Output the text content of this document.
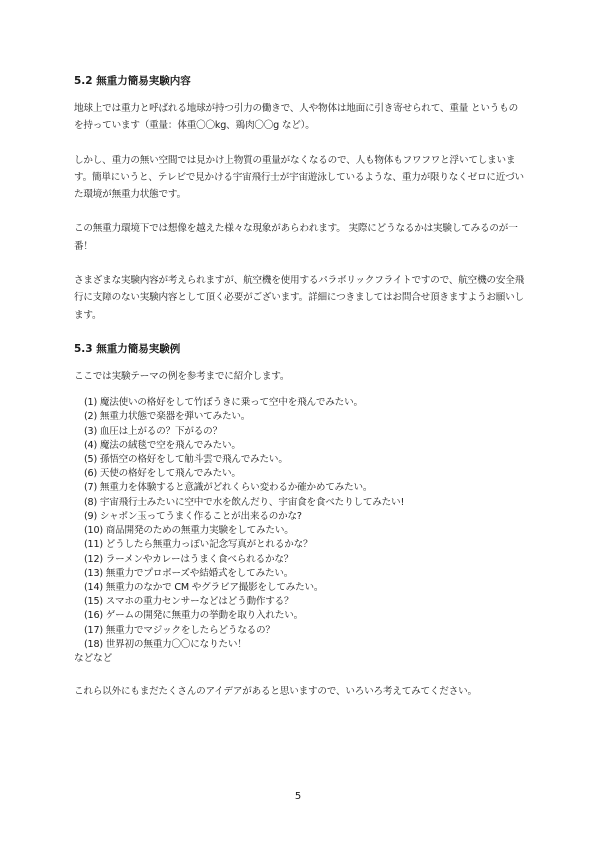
5.2 無重力簡易実験内容

地球上では重力と呼ばれる地球が持つ引力の働きで、人や物体は地面に引き寄せられて、重量 というものを持っています（重量：体重〇〇kg、鶏肉〇〇g など）。

しかし、重力の無い空間では見かけ上物質の重量がなくなるので、人も物体もフワフワと浮いてしまいます。簡単にいうと、テレビで見かける宇宙飛行士が宇宙遊泳しているような、重力が限りなくゼロに近づいた環境が無重力状態です。

この無重力環境下では想像を越えた様々な現象があらわれます。 実際にどうなるかは実験してみるのが一番！

さまざまな実験内容が考えられますが、航空機を使用するパラボリックフライトですので、航空機の安全飛行に支障のない実験内容として頂く必要がございます。詳細につきましてはお問合せ頂きますようお願いします。

5.3 無重力簡易実験例

ここでは実験テーマの例を参考までに紹介します。

(1) 魔法使いの格好をして竹ぼうきに乗って空中を飛んでみたい。
(2) 無重力状態で楽器を弾いてみたい。
(3) 血圧は上がるの？下がるの？
(4) 魔法の絨毯で空を飛んでみたい。
(5) 孫悟空の格好をして觔斗雲で飛んでみたい。
(6) 天使の格好をして飛んでみたい。
(7) 無重力を体験すると意識がどれくらい変わるか確かめてみたい。
(8) 宇宙飛行士みたいに空中で水を飲んだり、宇宙食を食べたりしてみたい!
(9) シャボン玉ってうまく作ることが出来るのかな?
(10) 商品開発のための無重力実験をしてみたい。
(11) どうしたら無重力っぽい記念写真がとれるかな？
(12) ラーメンやカレーはうまく食べられるかな？
(13) 無重力でプロポーズや結婚式をしてみたい。
(14) 無重力のなかで CM やグラビア撮影をしてみたい。
(15) スマホの重力センサーなどはどう動作する？
(16) ゲームの開発に無重力の挙動を取り入れたい。
(17) 無重力でマジックをしたらどうなるの？
(18) 世界初の無重力〇〇になりたい！

などなど

これら以外にもまだたくさんのアイデアがあると思いますので、いろいろ考えてみてください。

5
